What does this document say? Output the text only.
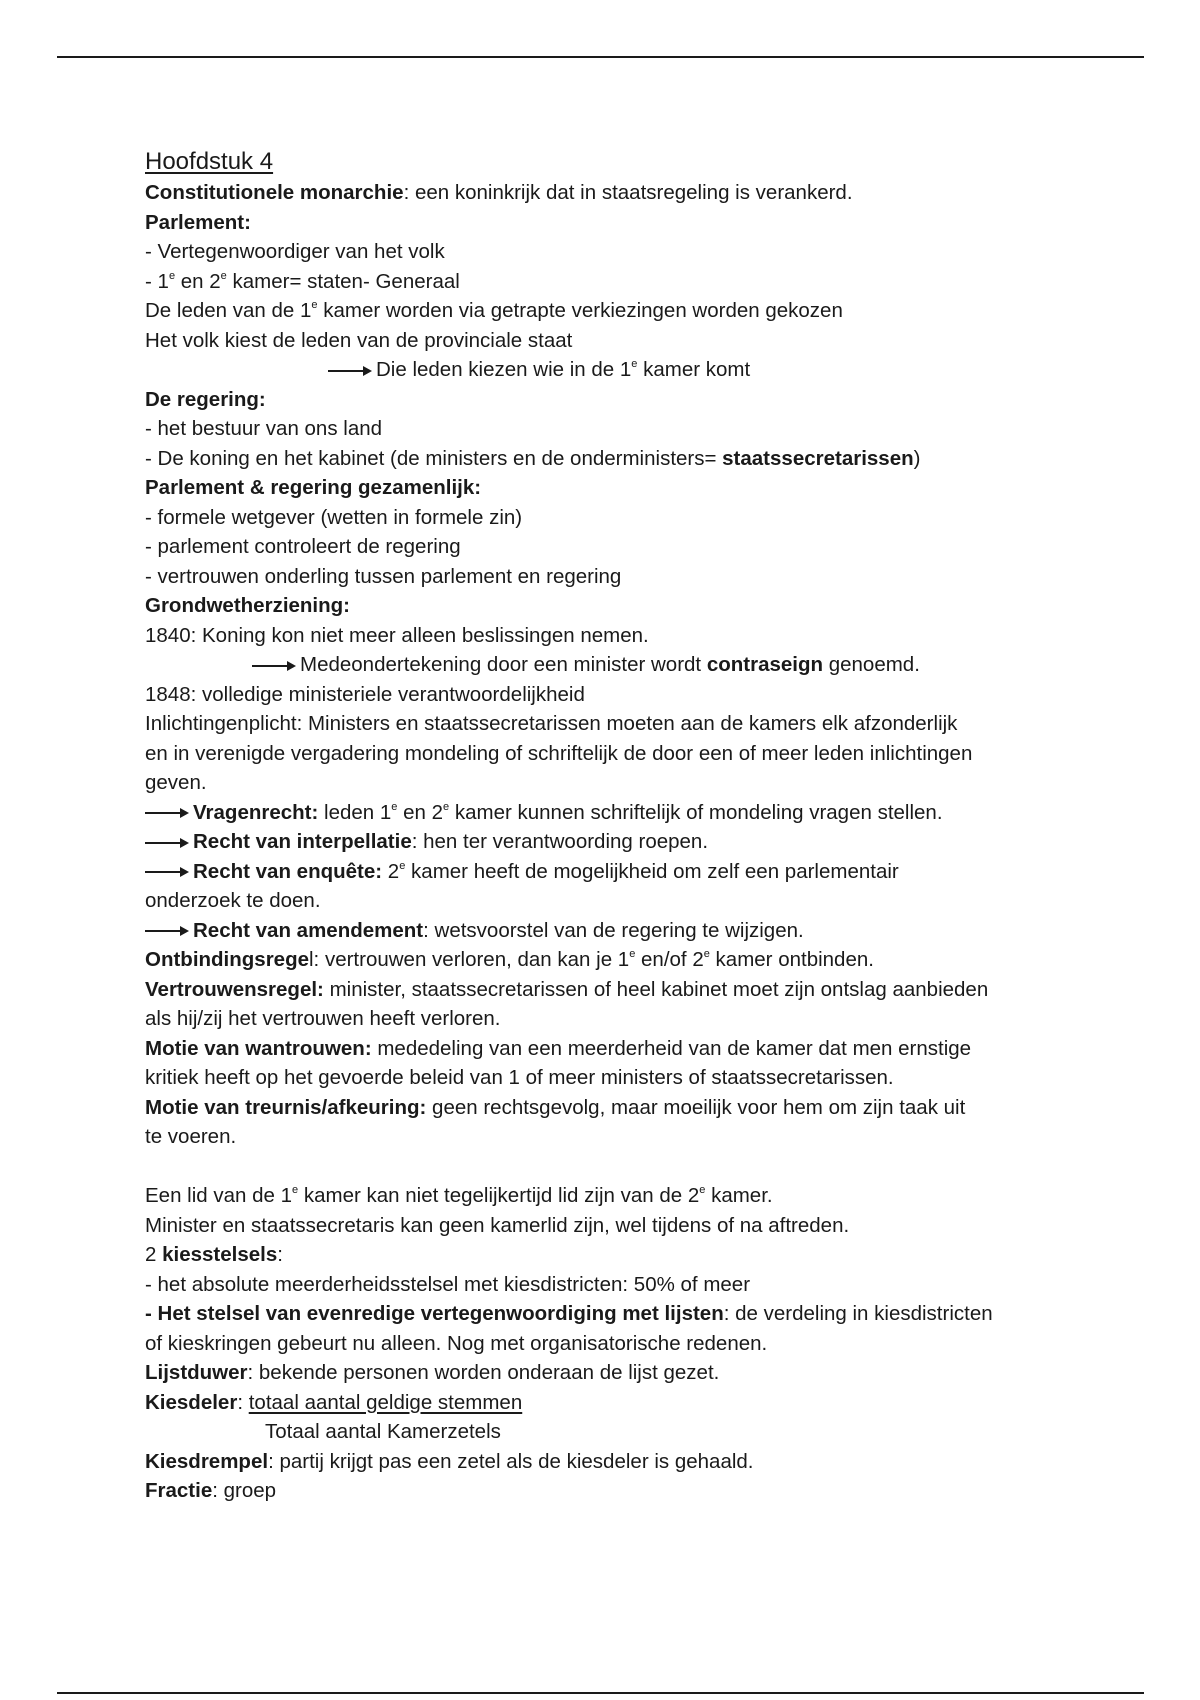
Hoofdstuk 4
Constitutionele monarchie: een koninkrijk dat in staatsregeling is verankerd.
Parlement:
- Vertegenwoordiger van het volk
- 1e en 2e kamer= staten- Generaal
De leden van de 1e kamer worden via getrapte verkiezingen worden gekozen
Het volk kiest de leden van de provinciale staat
Die leden kiezen wie in de 1e kamer komt
De regering:
- het bestuur van ons land
- De koning en het kabinet (de ministers en de onderministers= staatssecretarissen)
Parlement & regering gezamenlijk:
- formele wetgever (wetten in formele zin)
- parlement controleert de regering
- vertrouwen onderling tussen parlement en regering
Grondwetherziening:
1840: Koning kon niet meer alleen beslissingen nemen.
Medeondertekening door een minister wordt contraseign genoemd.
1848: volledige ministeriele verantwoordelijkheid
Inlichtingenplicht: Ministers en staatssecretarissen moeten aan de kamers elk afzonderlijk
en in verenigde vergadering mondeling of schriftelijk de door een of meer leden inlichtingen
geven.
Vragenrecht: leden 1e en 2e kamer kunnen schriftelijk of mondeling vragen stellen.
Recht van interpellatie: hen ter verantwoording roepen.
Recht van enquête: 2e kamer heeft de mogelijkheid om zelf een parlementair
onderzoek te doen.
Recht van amendement: wetsvoorstel van de regering te wijzigen.
Ontbindingsregel: vertrouwen verloren, dan kan je 1e en/of 2e kamer ontbinden.
Vertrouwensregel: minister, staatssecretarissen of heel kabinet moet zijn ontslag aanbieden
als hij/zij het vertrouwen heeft verloren.
Motie van wantrouwen: mededeling van een meerderheid van de kamer dat men ernstige
kritiek heeft op het gevoerde beleid van 1 of meer ministers of staatssecretarissen.
Motie van treurnis/afkeuring: geen rechtsgevolg, maar moeilijk voor hem om zijn taak uit
te voeren.
Een lid van de 1e kamer kan niet tegelijkertijd lid zijn van de 2e kamer.
Minister en staatssecretaris kan geen kamerlid zijn, wel tijdens of na aftreden.
2 kiesstelsels:
- het absolute meerderheidsstelsel met kiesdistricten: 50% of meer
- Het stelsel van evenredige vertegenwoordiging met lijsten: de verdeling in kiesdistricten
of kieskringen gebeurt nu alleen. Nog met organisatorische redenen.
Lijstduwer: bekende personen worden onderaan de lijst gezet.
Kiesdeler: totaal aantal geldige stemmen
Totaal aantal Kamerzetels
Kiesdrempel: partij krijgt pas een zetel als de kiesdeler is gehaald.
Fractie: groep
